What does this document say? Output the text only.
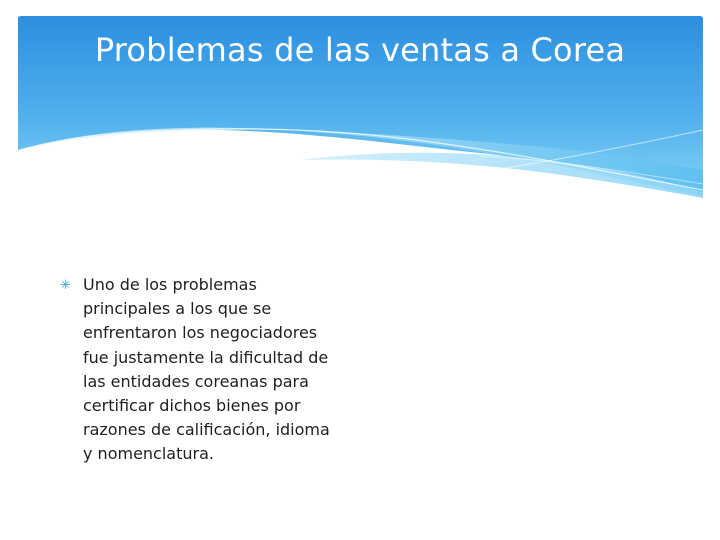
Problemas de las ventas a Corea
✳ Uno de los problemas
principales a los que se
enfrentaron los negociadores
fue justamente la dificultad de
las entidades coreanas para
certificar dichos bienes por
razones de calificación, idioma
y nomenclatura.
